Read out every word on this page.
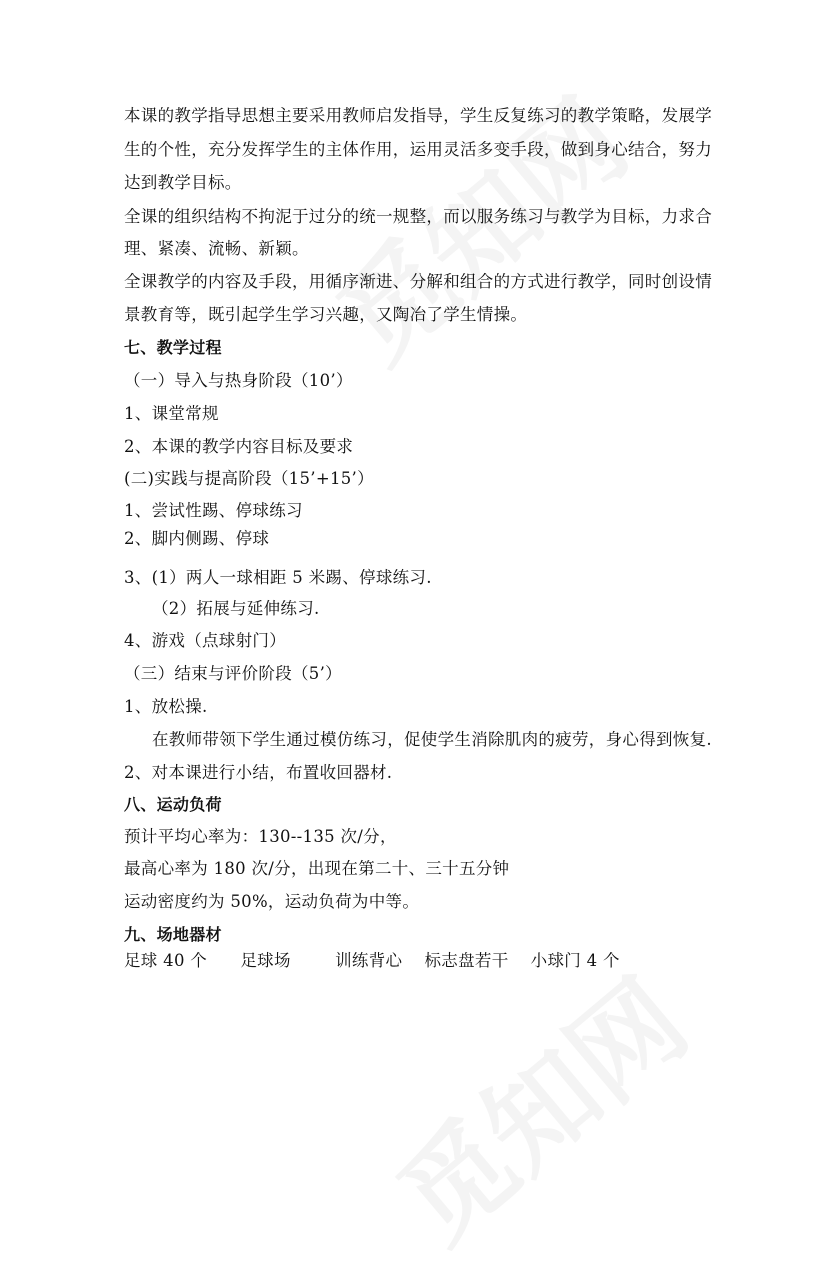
本课的教学指导思想主要采用教师启发指导，学生反复练习的教学策略，发展学

生的个性，充分发挥学生的主体作用，运用灵活多变手段，做到身心结合，努力

达到教学目标。

全课的组织结构不拘泥于过分的统一规整，而以服务练习与教学为目标，力求合

理、紧凑、流畅、新颖。

全课教学的内容及手段，用循序渐进、分解和组合的方式进行教学，同时创设情

景教育等，既引起学生学习兴趣，又陶冶了学生情操。

七、教学过程

（一）导入与热身阶段（10’）

1、课堂常规

2、本课的教学内容目标及要求

(二)实践与提高阶段（15’+15’）

1、尝试性踢、停球练习

2、脚内侧踢、停球

3、(1）两人一球相距 5 米踢、停球练习.

（2）拓展与延伸练习.

4、游戏（点球射门）

（三）结束与评价阶段（5’）

1、放松操.

在教师带领下学生通过模仿练习，促使学生消除肌肉的疲劳，身心得到恢复.

2、对本课进行小结，布置收回器材.

八、运动负荷

预计平均心率为：130--135 次/分，

最高心率为 180 次/分，出现在第二十、三十五分钟

运动密度约为 50%，运动负荷为中等。

九、场地器材

足球 40 个      足球场        训练背心    标志盘若干    小球门 4 个
